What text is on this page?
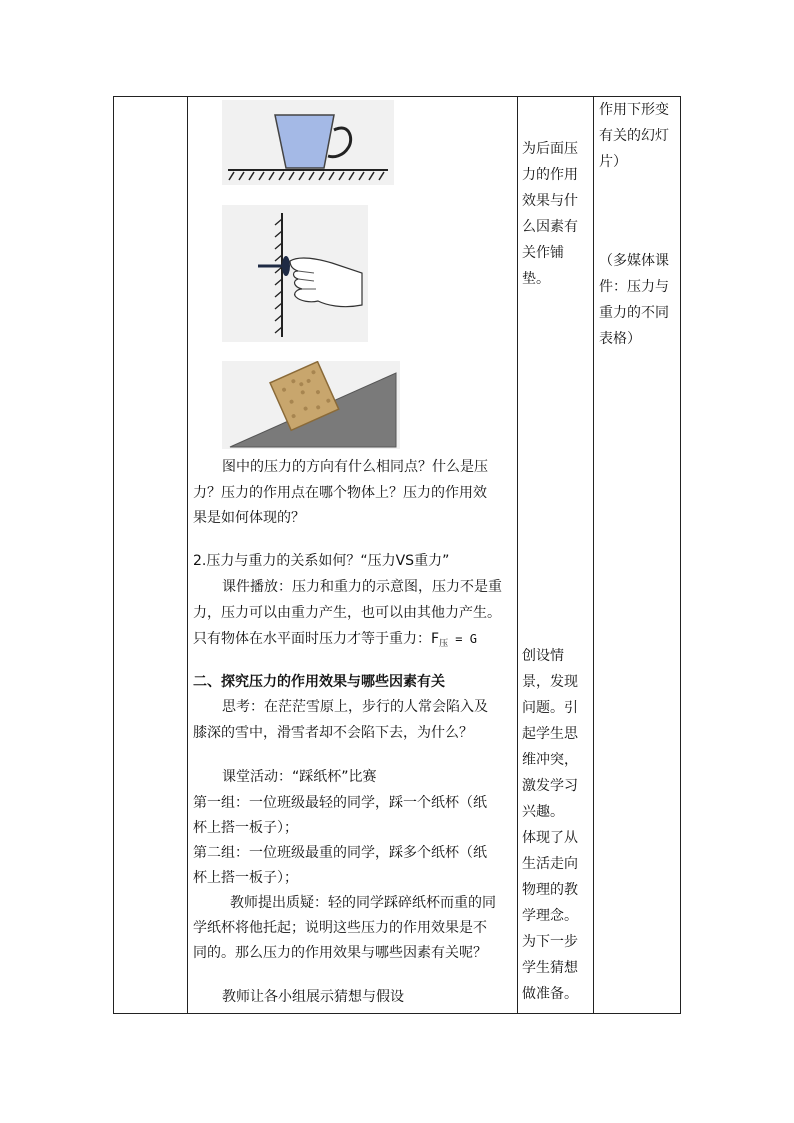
图中的压力的方向有什么相同点？什么是压
力？压力的作用点在哪个物体上？压力的作用效
果是如何体现的？
2.压力与重力的关系如何？“压力VS重力”
课件播放：压力和重力的示意图，压力不是重
力，压力可以由重力产生，也可以由其他力产生。
只有物体在水平面时压力才等于重力：$F_压 = G$
二、探究压力的作用效果与哪些因素有关
思考：在茫茫雪原上，步行的人常会陷入及
膝深的雪中，滑雪者却不会陷下去，为什么？
课堂活动：“踩纸杯”比赛
第一组：一位班级最轻的同学，踩一个纸杯（纸
杯上搭一板子）；
第二组：一位班级最重的同学，踩多个纸杯（纸
杯上搭一板子）；
教师提出质疑：轻的同学踩碎纸杯而重的同
学纸杯将他托起；说明这些压力的作用效果是不
同的。那么压力的作用效果与哪些因素有关呢？
教师让各小组展示猜想与假设
为后面压
力的作用
效果与什
么因素有
关作铺
垫。
创设情
景，发现
问题。引
起学生思
维冲突，
激发学习
兴趣。
体现了从
生活走向
物理的教
学理念。
为下一步
学生猜想
做准备。
作用下形变
有关的幻灯
片）
（多媒体课
件：压力与
重力的不同
表格）
